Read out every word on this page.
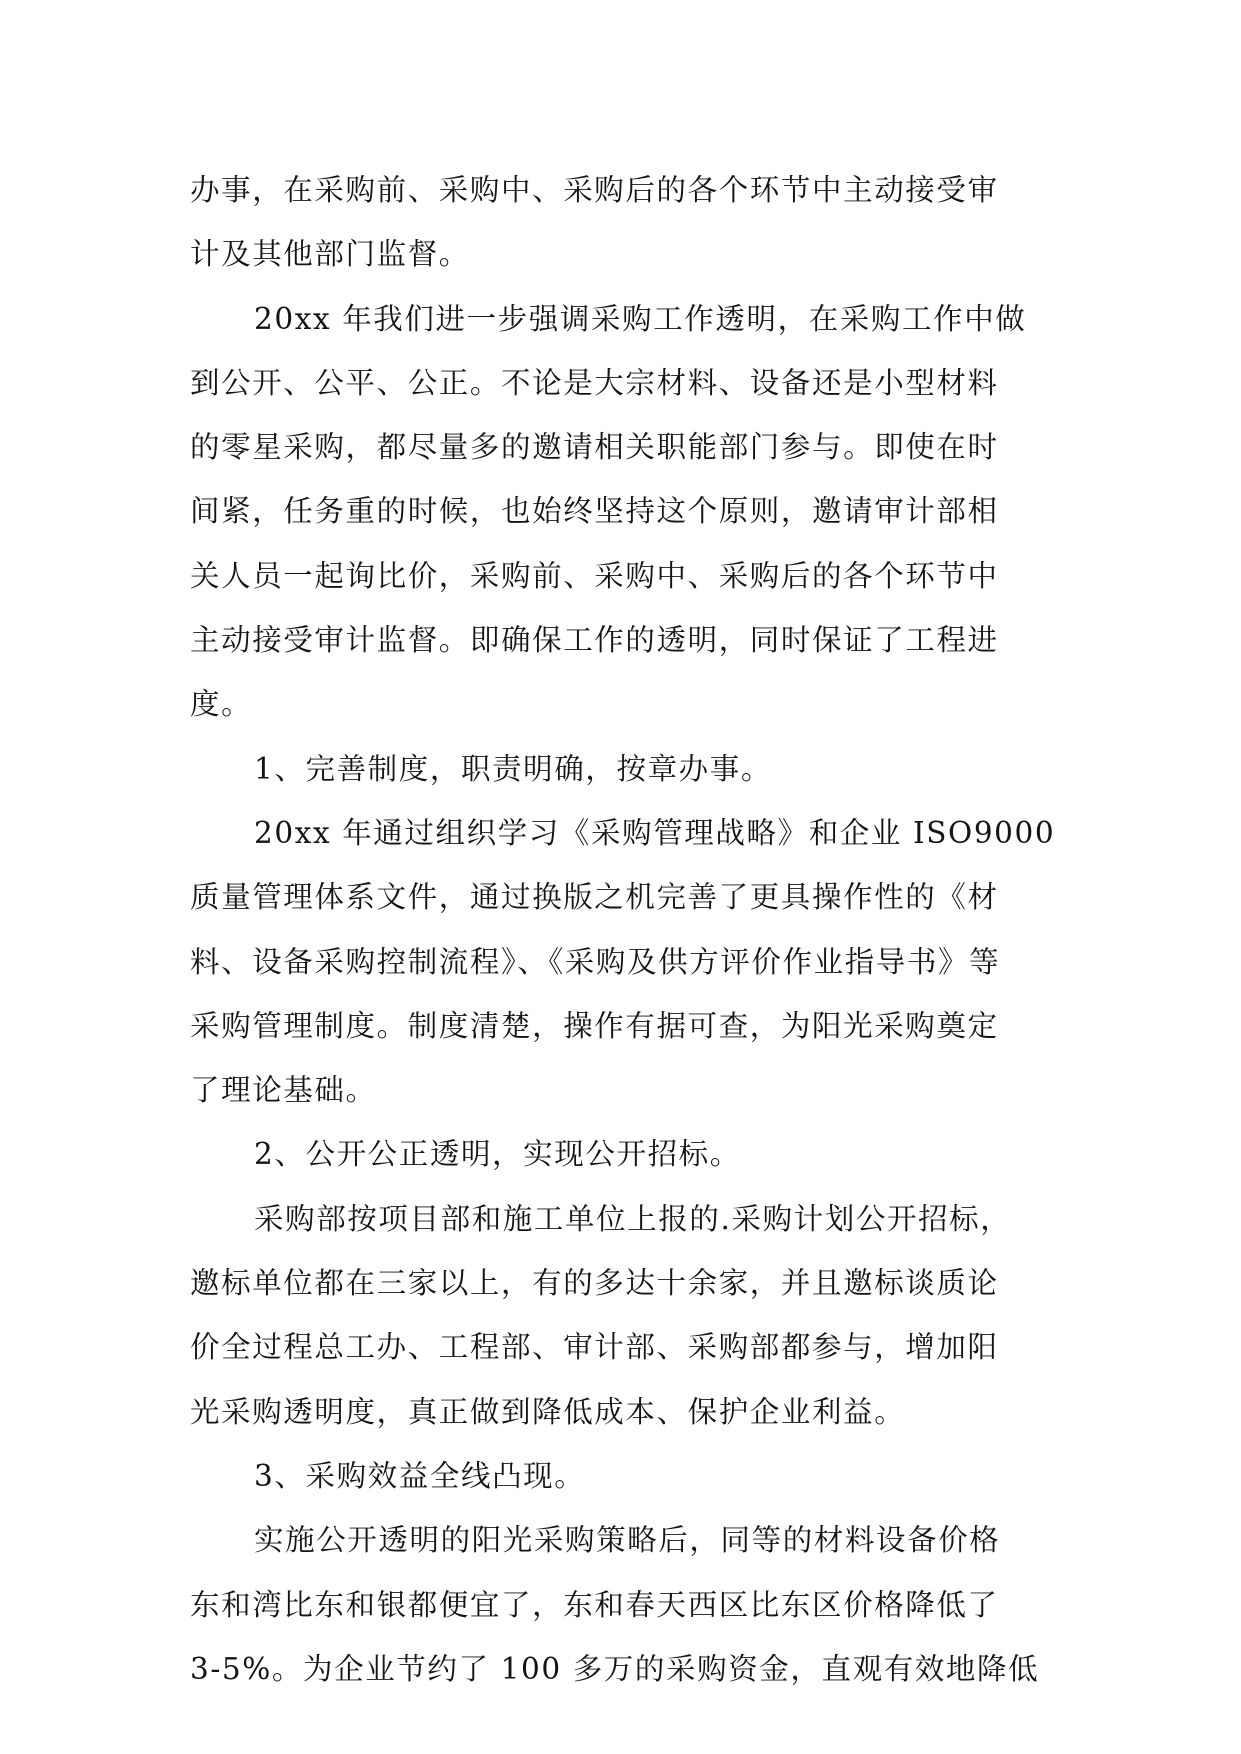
办事，在采购前、采购中、采购后的各个环节中主动接受审
计及其他部门监督。
20xx 年我们进一步强调采购工作透明，在采购工作中做
到公开、公平、公正。不论是大宗材料、设备还是小型材料
的零星采购，都尽量多的邀请相关职能部门参与。即使在时
间紧，任务重的时候，也始终坚持这个原则，邀请审计部相
关人员一起询比价，采购前、采购中、采购后的各个环节中
主动接受审计监督。即确保工作的透明，同时保证了工程进
度。
1、完善制度，职责明确，按章办事。
20xx 年通过组织学习《采购管理战略》和企业 ISO9000
质量管理体系文件，通过换版之机完善了更具操作性的《材
料、设备采购控制流程》、《采购及供方评价作业指导书》等
采购管理制度。制度清楚，操作有据可查，为阳光采购奠定
了理论基础。
2、公开公正透明，实现公开招标。
采购部按项目部和施工单位上报的.采购计划公开招标，
邀标单位都在三家以上，有的多达十余家，并且邀标谈质论
价全过程总工办、工程部、审计部、采购部都参与，增加阳
光采购透明度，真正做到降低成本、保护企业利益。
3、采购效益全线凸现。
实施公开透明的阳光采购策略后，同等的材料设备价格
东和湾比东和银都便宜了，东和春天西区比东区价格降低了
3-5%。为企业节约了 100 多万的采购资金，直观有效地降低
